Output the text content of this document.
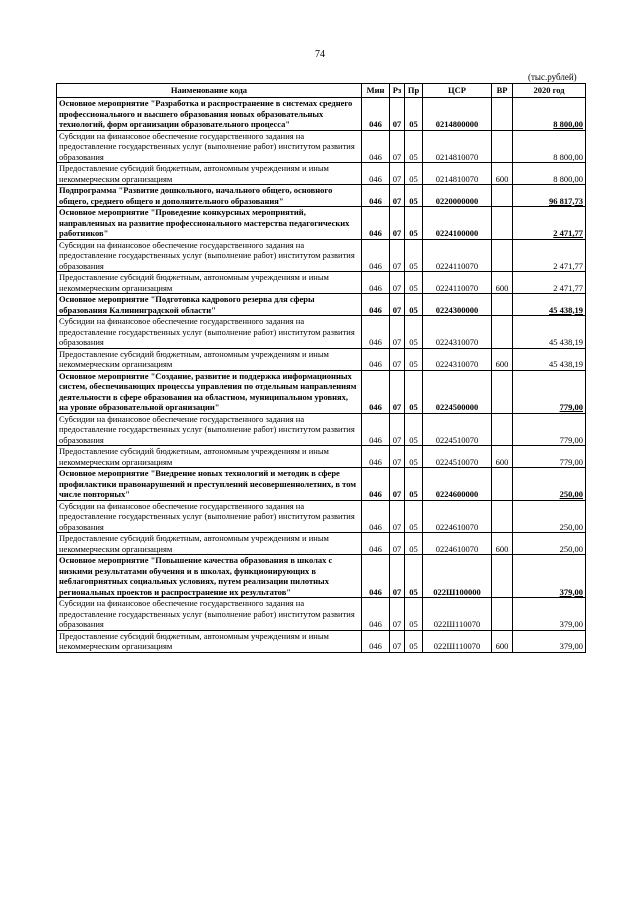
74
(тыс.рублей)
Наименование кода	Мин	Рз	Пр	ЦСР	ВР	2020 год
Основное мероприятие "Разработка и распространение в системах среднего профессионального и высшего образования новых образовательных технологий, форм организации образовательного процесса"	046	07	05	0214800000		8 800,00
Субсидии на финансовое обеспечение государственного задания на предоставление государственных услуг (выполнение работ) институтом развития образования	046	07	05	0214810070		8 800,00
Предоставление субсидий бюджетным, автономным учреждениям и иным некоммерческим организациям	046	07	05	0214810070	600	8 800,00
Подпрограмма "Развитие дошкольного, начального общего, основного общего, среднего общего и дополнительного образования"	046	07	05	0220000000		96 817,73
Основное мероприятие "Проведение конкурсных мероприятий, направленных на развитие профессионального мастерства педагогических работников"	046	07	05	0224100000		2 471,77
Субсидии на финансовое обеспечение государственного задания на предоставление государственных услуг (выполнение работ) институтом развития образования	046	07	05	0224110070		2 471,77
Предоставление субсидий бюджетным, автономным учреждениям и иным некоммерческим организациям	046	07	05	0224110070	600	2 471,77
Основное мероприятие "Подготовка кадрового резерва для сферы образования Калининградской области"	046	07	05	0224300000		45 438,19
Субсидии на финансовое обеспечение государственного задания на предоставление государственных услуг (выполнение работ) институтом развития образования	046	07	05	0224310070		45 438,19
Предоставление субсидий бюджетным, автономным учреждениям и иным некоммерческим организациям	046	07	05	0224310070	600	45 438,19
Основное мероприятие "Создание, развитие и поддержка информационных систем, обеспечивающих процессы управления по отдельным направлениям деятельности в сфере образования на областном, муниципальном уровнях, на уровне образовательной организации"	046	07	05	0224500000		779,00
Субсидии на финансовое обеспечение государственного задания на предоставление государственных услуг (выполнение работ) институтом развития образования	046	07	05	0224510070		779,00
Предоставление субсидий бюджетным, автономным учреждениям и иным некоммерческим организациям	046	07	05	0224510070	600	779,00
Основное мероприятие "Внедрение новых технологий и методик в сфере профилактики правонарушений и преступлений несовершеннолетних, в том числе повторных"	046	07	05	0224600000		250,00
Субсидии на финансовое обеспечение государственного задания на предоставление государственных услуг (выполнение работ) институтом развития образования	046	07	05	0224610070		250,00
Предоставление субсидий бюджетным, автономным учреждениям и иным некоммерческим организациям	046	07	05	0224610070	600	250,00
Основное мероприятие "Повышение качества образования в школах с низкими результатами обучения и в школах, функционирующих в неблагоприятных социальных условиях, путем реализации пилотных региональных проектов и распространение их результатов"	046	07	05	022Ш100000		379,00
Субсидии на финансовое обеспечение государственного задания на предоставление государственных услуг (выполнение работ) институтом развития образования	046	07	05	022Ш110070		379,00
Предоставление субсидий бюджетным, автономным учреждениям и иным некоммерческим организациям	046	07	05	022Ш110070	600	379,00
